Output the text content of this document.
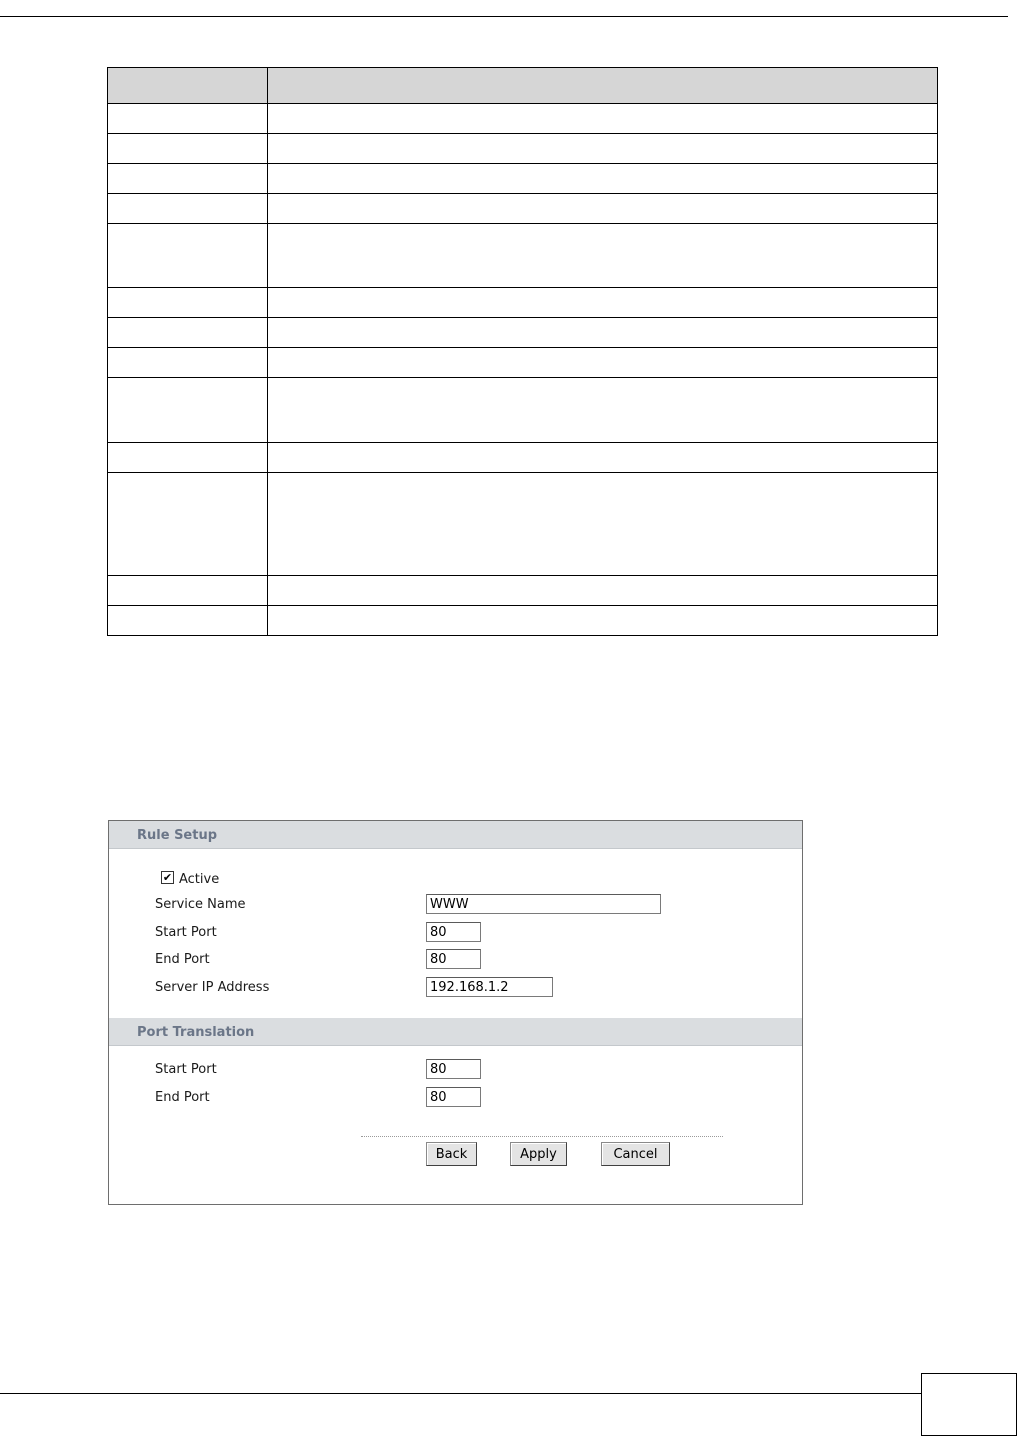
Rule Setup
✔ Active
Service Name
WWW
Start Port
80
End Port
80
Server IP Address
192.168.1.2
Port Translation
Start Port
80
End Port
80
Back	Apply	Cancel
